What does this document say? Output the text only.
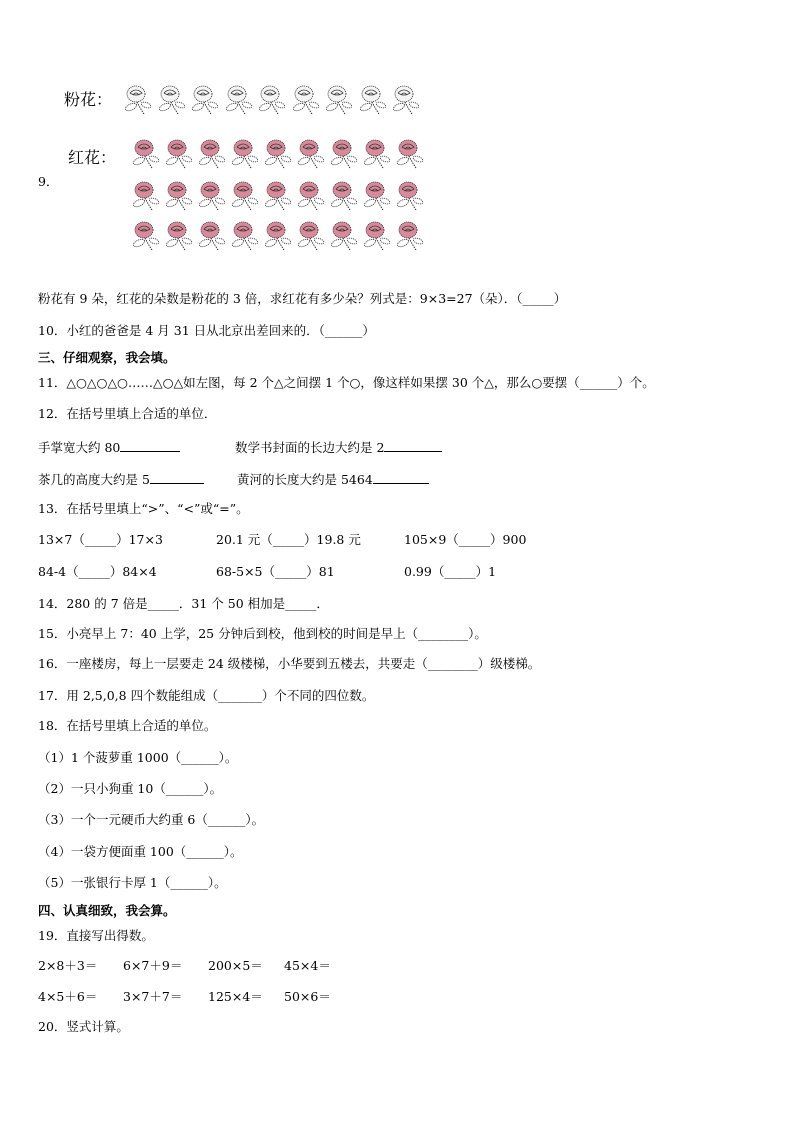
粉花：
红花：
9．
粉花有 9 朵，红花的朵数是粉花的 3 倍，求红花有多少朵？列式是：9×3=27（朵）．（_____）
10．小红的爸爸是 4 月 31 日从北京出差回来的．（______）
三、仔细观察，我会填。
11．△○△○△○……△○△如左图，每 2 个△之间摆 1 个○，像这样如果摆 30 个△，那么○要摆（______）个。
12．在括号里填上合适的单位．
手掌宽大约 80	数学书封面的长边大约是 2
茶几的高度大约是 5	黄河的长度大约是 5464
13．在括号里填上“>”、“<”或“=”。
13×7（_____）17×3	20.1 元（_____）19.8 元	105×9（_____）900
84-4（_____）84×4	68-5×5（_____）81	0.99（_____）1
14．280 的 7 倍是_____．31 个 50 相加是_____．
15．小亮早上 7：40 上学，25 分钟后到校，他到校的时间是早上（________）。
16．一座楼房，每上一层要走 24 级楼梯，小华要到五楼去，共要走（________）级楼梯。
17．用 2,5,0,8 四个数能组成（_______）个不同的四位数。
18．在括号里填上合适的单位。
（1）1 个菠萝重 1000（______）。
（2）一只小狗重 10（______）。
（3）一个一元硬币大约重 6（______）。
（4）一袋方便面重 100（______）。
（5）一张银行卡厚 1（______）。
四、认真细致，我会算。
19．直接写出得数。
2×8＋3＝ 6×7＋9＝ 200×5＝ 45×4＝
4×5＋6＝ 3×7＋7＝ 125×4＝ 50×6＝
20．竖式计算。
